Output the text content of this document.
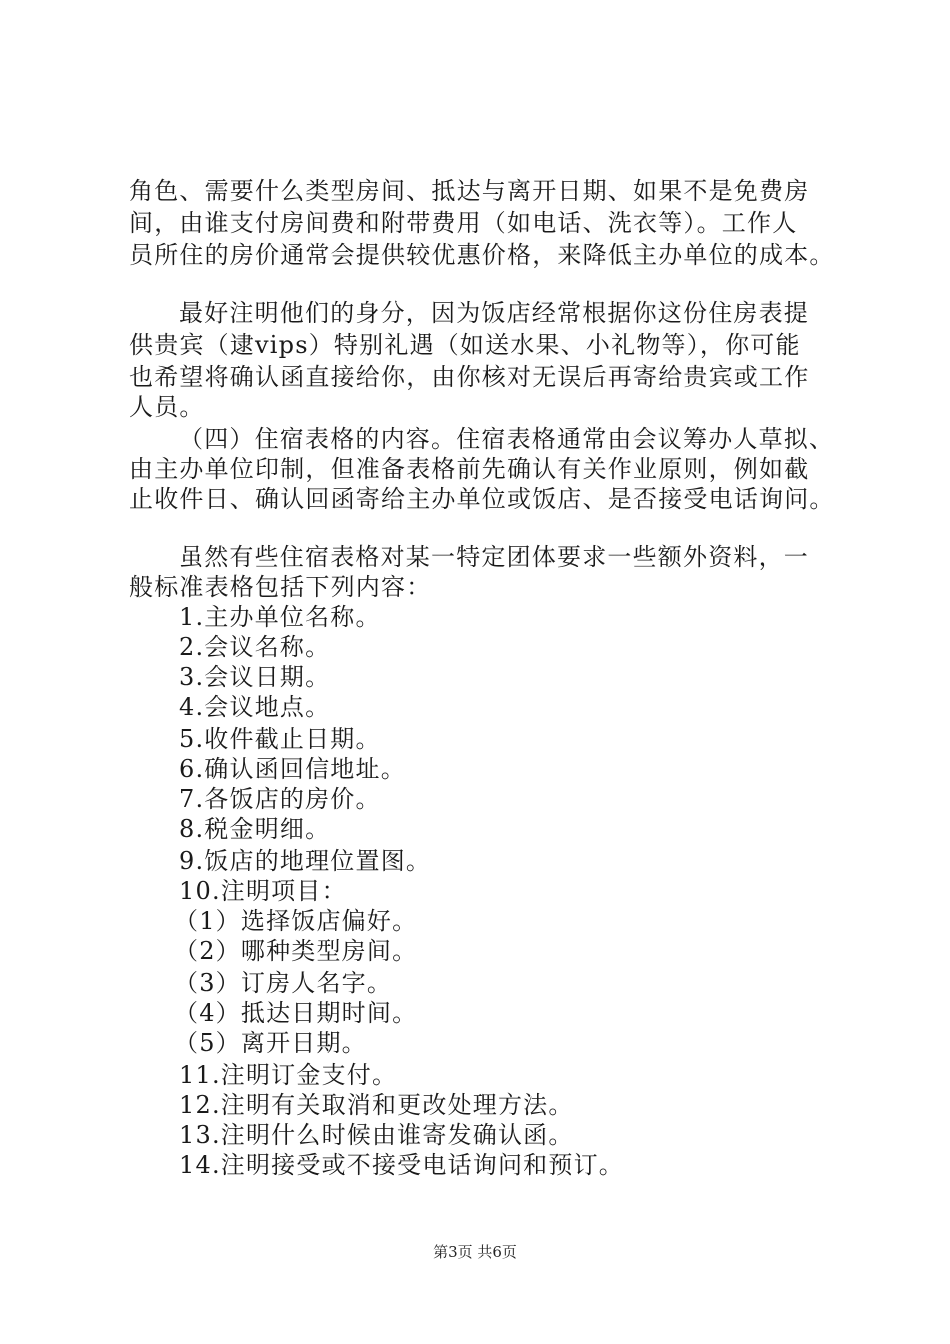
角色、需要什么类型房间、抵达与离开日期、如果不是免费房
间，由谁支付房间费和附带费用（如电话、洗衣等）。工作人
员所住的房价通常会提供较优惠价格，来降低主办单位的成本。
最好注明他们的身分，因为饭店经常根据你这份住房表提
供贵宾（逮vips）特别礼遇（如送水果、小礼物等），你可能
也希望将确认函直接给你，由你核对无误后再寄给贵宾或工作
人员。
（四）住宿表格的内容。住宿表格通常由会议筹办人草拟、
由主办单位印制，但准备表格前先确认有关作业原则，例如截
止收件日、确认回函寄给主办单位或饭店、是否接受电话询问。
虽然有些住宿表格对某一特定团体要求一些额外资料，一
般标准表格包括下列内容：
1.主办单位名称。
2.会议名称。
3.会议日期。
4.会议地点。
5.收件截止日期。
6.确认函回信地址。
7.各饭店的房价。
8.税金明细。
9.饭店的地理位置图。
10.注明项目：
（1）选择饭店偏好。
（2）哪种类型房间。
（3）订房人名字。
（4）抵达日期时间。
（5）离开日期。
11.注明订金支付。
12.注明有关取消和更改处理方法。
13.注明什么时候由谁寄发确认函。
14.注明接受或不接受电话询问和预订。
第3页 共6页
